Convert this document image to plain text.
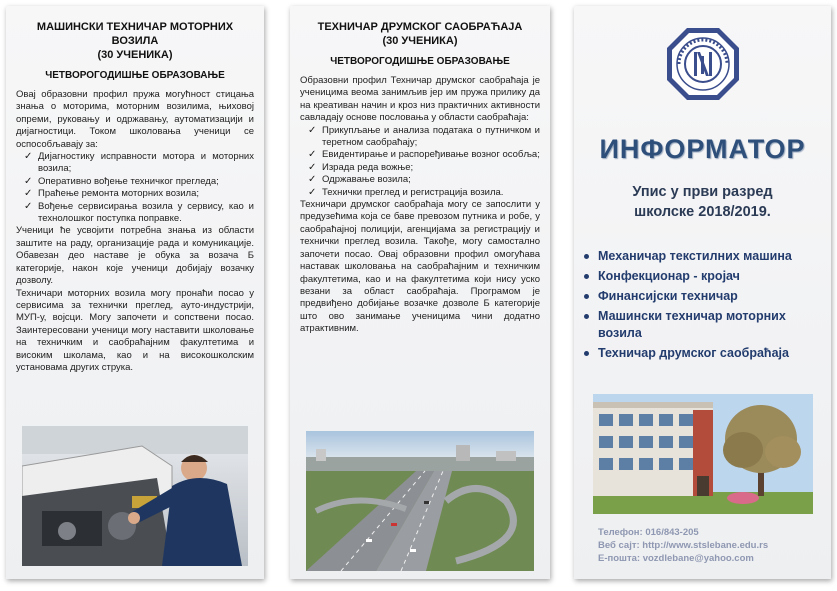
МАШИНСКИ ТЕХНИЧАР МОТОРНИХ ВОЗИЛА
(30 УЧЕНИКА)
ЧЕТВОРОГОДИШЊЕ ОБРАЗОВАЊЕ

Овај образовни профил пружа могућност стицања знања о моторима, моторним возилима, њиховој опреми, руковању и одржавању, аутоматизацији и дијагностици. Током школовања ученици се оспособљавају за:

✓ Дијагностику исправности мотора и моторних возила;
✓ Оперативно вођење техничког прегледа;
✓ Праћење ремонта моторних возила;
✓ Вођење сервисирања возила у сервису, као и технолошког поступка поправке.

Ученици ће усвојити потребна знања из области заштите на раду, организације рада и комуникације. Обавезан део наставе је обука за возача Б категорије, након које ученици добијају возачку дозволу.

Техничари моторних возила могу пронаћи посао у сервисима за технички преглед, ауто-индустрији, МУП-у, војсци. Могу започети и сопствени посао. Заинтересовани ученици могу наставити школовање на техничким и саобраћајним факултетима и високим школама, као и на високошколским установама других струка.

ТЕХНИЧАР ДРУМСКОГ САОБРАЋАЈА
(30 УЧЕНИКА)
ЧЕТВОРОГОДИШЊЕ ОБРАЗОВАЊЕ

Образовни профил Техничар друмског саобраћаја је ученицима веома занимљив јер им пружа прилику да на креативан начин и кроз низ практичних активности савладају основе пословања у области саобраћаја:

✓ Прикупљање и анализа података о путничком и теретном саобраћају;
✓ Евидентирање и распоређивање возног особља;
✓ Израда реда вожње;
✓ Одржавање возила;
✓ Технички преглед и регистрација возила.

Техничари друмског саобраћаја могу се запослити у предузећима која се баве превозом путника и робе, у саобраћајној полицији, агенцијама за регистрацију и технички преглед возила. Такође, могу самостално започети посао. Овај образовни профил омогућава наставак школовања на саобраћајним и техничким факултетима, као и на факултетима који нису уско везани за област саобраћаја. Програмом је предвиђено добијање возачке дозволе Б категорије што ово занимање ученицима чини додатно атрактивним.

ИНФОРМАТОР
Упис у први разред
школске 2018/2019.
Механичар текстилних машина
Конфекционар - кројач
Финансијски техничар
Машински техничар моторних возила
Техничар друмског саобраћаја
Телефон: 016/843-205
Веб сајт: http://www.stslebane.edu.rs
Е-пошта: vozdlebane@yahoo.com
